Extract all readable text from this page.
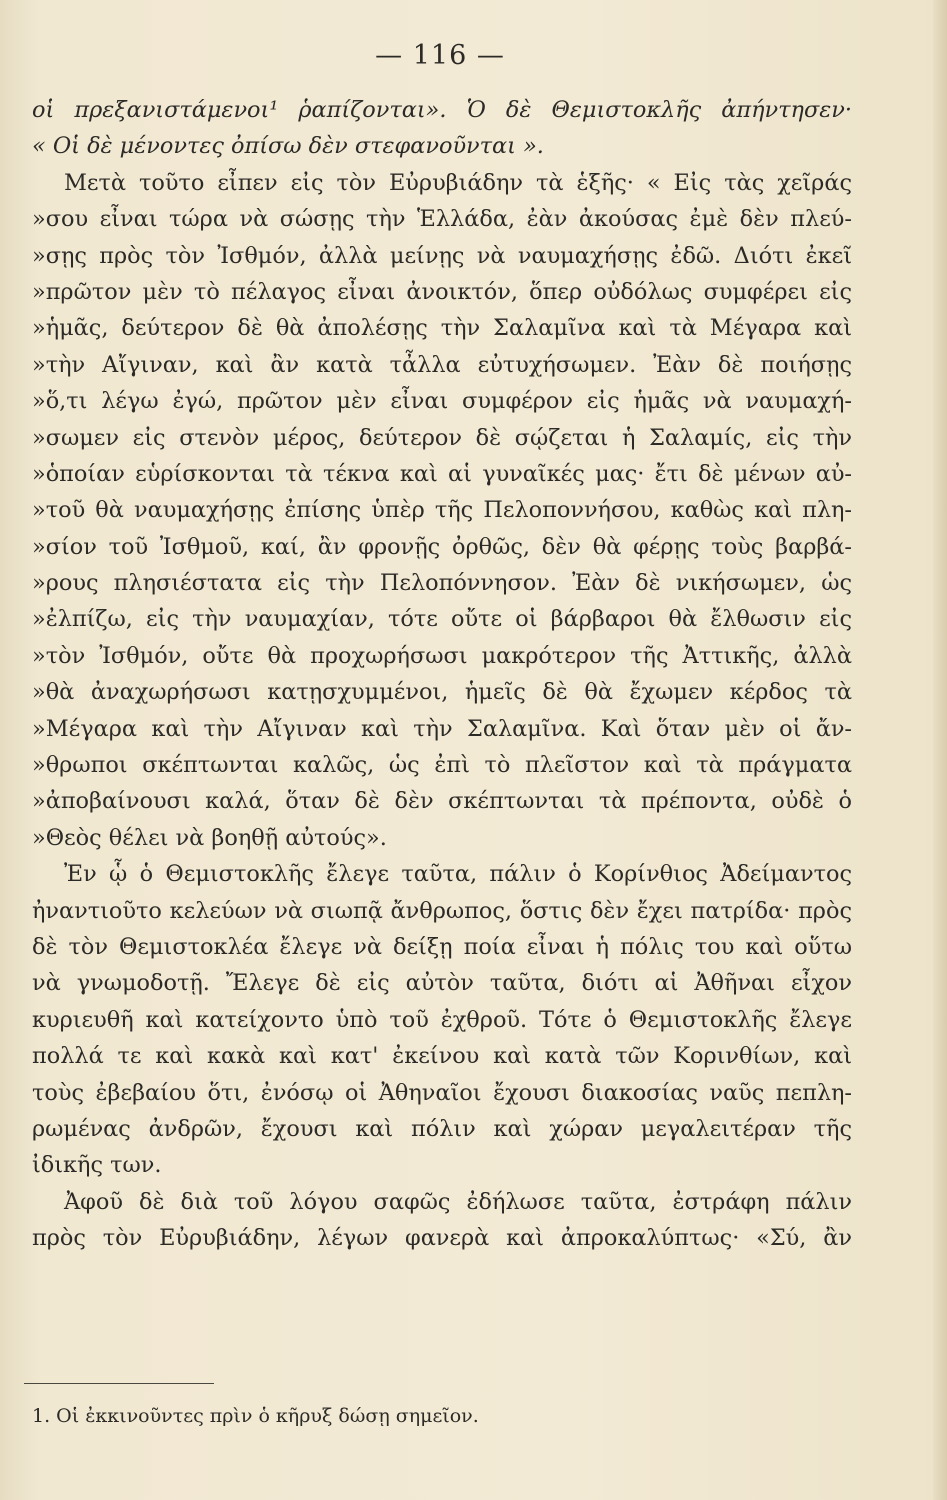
— 116 —
οἱ πρεξανιστάμενοι¹ ῥαπίζονται». Ὁ δὲ Θεμιστοκλῆς ἀπήντησεν·
« Οἱ δὲ μένοντες ὀπίσω δὲν στεφανοῦνται ».
Μετὰ τοῦτο εἶπεν εἰς τὸν Εὐρυβιάδην τὰ ἑξῆς· « Εἰς τὰς χεῖράς
»σου εἶναι τώρα νὰ σώσῃς τὴν Ἑλλάδα, ἐὰν ἀκούσας ἐμὲ δὲν πλεύ-
»σῃς πρὸς τὸν Ἰσθμόν, ἀλλὰ μείνῃς νὰ ναυμαχήσῃς ἐδῶ. Διότι ἐκεῖ
»πρῶτον μὲν τὸ πέλαγος εἶναι ἀνοικτόν, ὅπερ οὐδόλως συμφέρει εἰς
»ἡμᾶς, δεύτερον δὲ θὰ ἀπολέσῃς τὴν Σαλαμῖνα καὶ τὰ Μέγαρα καὶ
»τὴν Αἴγιναν, καὶ ἂν κατὰ τἆλλα εὐτυχήσωμεν. Ἐὰν δὲ ποιήσῃς
»ὅ,τι λέγω ἐγώ, πρῶτον μὲν εἶναι συμφέρον εἰς ἡμᾶς νὰ ναυμαχή-
»σωμεν εἰς στενὸν μέρος, δεύτερον δὲ σῴζεται ἡ Σαλαμίς, εἰς τὴν
»ὁποίαν εὑρίσκονται τὰ τέκνα καὶ αἱ γυναῖκές μας· ἔτι δὲ μένων αὐ-
»τοῦ θὰ ναυμαχήσῃς ἐπίσης ὑπὲρ τῆς Πελοποννήσου, καθὼς καὶ πλη-
»σίον τοῦ Ἰσθμοῦ, καί, ἂν φρονῇς ὀρθῶς, δὲν θὰ φέρῃς τοὺς βαρβά-
»ρους πλησιέστατα εἰς τὴν Πελοπόννησον. Ἐὰν δὲ νικήσωμεν, ὡς
»ἐλπίζω, εἰς τὴν ναυμαχίαν, τότε οὔτε οἱ βάρβαροι θὰ ἔλθωσιν εἰς
»τὸν Ἰσθμόν, οὔτε θὰ προχωρήσωσι μακρότερον τῆς Ἀττικῆς, ἀλλὰ
»θὰ ἀναχωρήσωσι κατῃσχυμμένοι, ἡμεῖς δὲ θὰ ἔχωμεν κέρδος τὰ
»Μέγαρα καὶ τὴν Αἴγιναν καὶ τὴν Σαλαμῖνα. Καὶ ὅταν μὲν οἱ ἄν-
»θρωποι σκέπτωνται καλῶς, ὡς ἐπὶ τὸ πλεῖστον καὶ τὰ πράγματα
»ἀποβαίνουσι καλά, ὅταν δὲ δὲν σκέπτωνται τὰ πρέποντα, οὐδὲ ὁ
»Θεὸς θέλει νὰ βοηθῇ αὐτούς».
Ἐν ᾧ ὁ Θεμιστοκλῆς ἔλεγε ταῦτα, πάλιν ὁ Κορίνθιος Ἀδείμαντος
ἠναντιοῦτο κελεύων νὰ σιωπᾷ ἄνθρωπος, ὅστις δὲν ἔχει πατρίδα· πρὸς
δὲ τὸν Θεμιστοκλέα ἔλεγε νὰ δείξῃ ποία εἶναι ἡ πόλις του καὶ οὕτω
νὰ γνωμοδοτῇ. Ἔλεγε δὲ εἰς αὐτὸν ταῦτα, διότι αἱ Ἀθῆναι εἶχον
κυριευθῆ καὶ κατείχοντο ὑπὸ τοῦ ἐχθροῦ. Τότε ὁ Θεμιστοκλῆς ἔλεγε
πολλά τε καὶ κακὰ καὶ κατ' ἐκείνου καὶ κατὰ τῶν Κορινθίων, καὶ
τοὺς ἐβεβαίου ὅτι, ἐνόσῳ οἱ Ἀθηναῖοι ἔχουσι διακοσίας ναῦς πεπλη-
ρωμένας ἀνδρῶν, ἔχουσι καὶ πόλιν καὶ χώραν μεγαλειτέραν τῆς
ἰδικῆς των.
Ἀφοῦ δὲ διὰ τοῦ λόγου σαφῶς ἐδήλωσε ταῦτα, ἐστράφη πάλιν
πρὸς τὸν Εὐρυβιάδην, λέγων φανερὰ καὶ ἀπροκαλύπτως· «Σύ, ἂν
1. Οἱ ἐκκινοῦντες πρὶν ὁ κῆρυξ δώσῃ σημεῖον.
